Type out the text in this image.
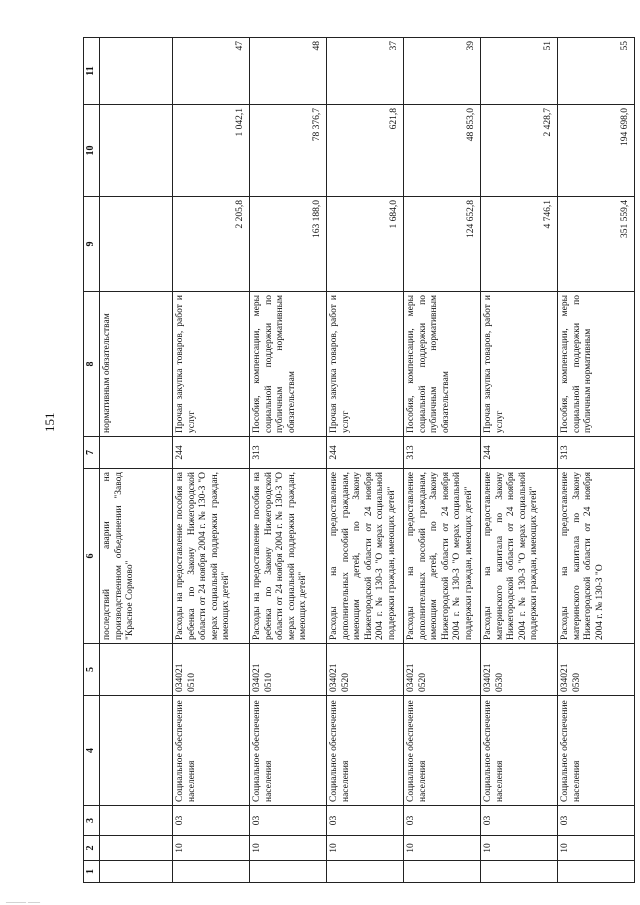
151
1	2	3	4	5	6	7	8	9	10	11
					последствий аварии на производственном объединении "Завод "Красное Сормово"		нормативным обязательствам			
	10	03	Социальное обеспечение населения	034021 0510	Расходы на предоставление пособия на ребенка по Закону Нижегородской области от 24 ноября 2004 г. № 130-З "О мерах социальной поддержки граждан, имеющих детей"	244	Прочая закупка товаров, работ и услуг	2 205,8	1 042,1	47
	10	03	Социальное обеспечение населения	034021 0510	Расходы на предоставление пособия на ребенка по Закону Нижегородской области от 24 ноября 2004 г. № 130-З "О мерах социальной поддержки граждан, имеющих детей"	313	Пособия, компенсации, меры социальной поддержки по публичным нормативным обязательствам	163 188,0	78 376,7	48
	10	03	Социальное обеспечение населения	034021 0520	Расходы на предоставление дополнительных пособий гражданам, имеющим детей, по Закону Нижегородской области от 24 ноября 2004 г. № 130-З "О мерах социальной поддержки граждан, имеющих детей"	244	Прочая закупка товаров, работ и услуг	1 684,0	621,8	37
	10	03	Социальное обеспечение населения	034021 0520	Расходы на предоставление дополнительных пособий гражданам, имеющим детей, по Закону Нижегородской области от 24 ноября 2004 г. № 130-З "О мерах социальной поддержки граждан, имеющих детей"	313	Пособия, компенсации, меры социальной поддержки по публичным нормативным обязательствам	124 652,8	48 853,0	39
	10	03	Социальное обеспечение населения	034021 0530	Расходы на предоставление материнского капитала по Закону Нижегородской области от 24 ноября 2004 г. № 130-З "О мерах социальной поддержки граждан, имеющих детей"	244	Прочая закупка товаров, работ и услуг	4 746,1	2 428,7	51
	10	03	Социальное обеспечение населения	034021 0530	Расходы на предоставление материнского капитала по Закону Нижегородской области от 24 ноября 2004 г. № 130-З "О	313	Пособия, компенсации, меры социальной поддержки по публичным нормативным	351 559,4	194 698,0	55
_____ ___
